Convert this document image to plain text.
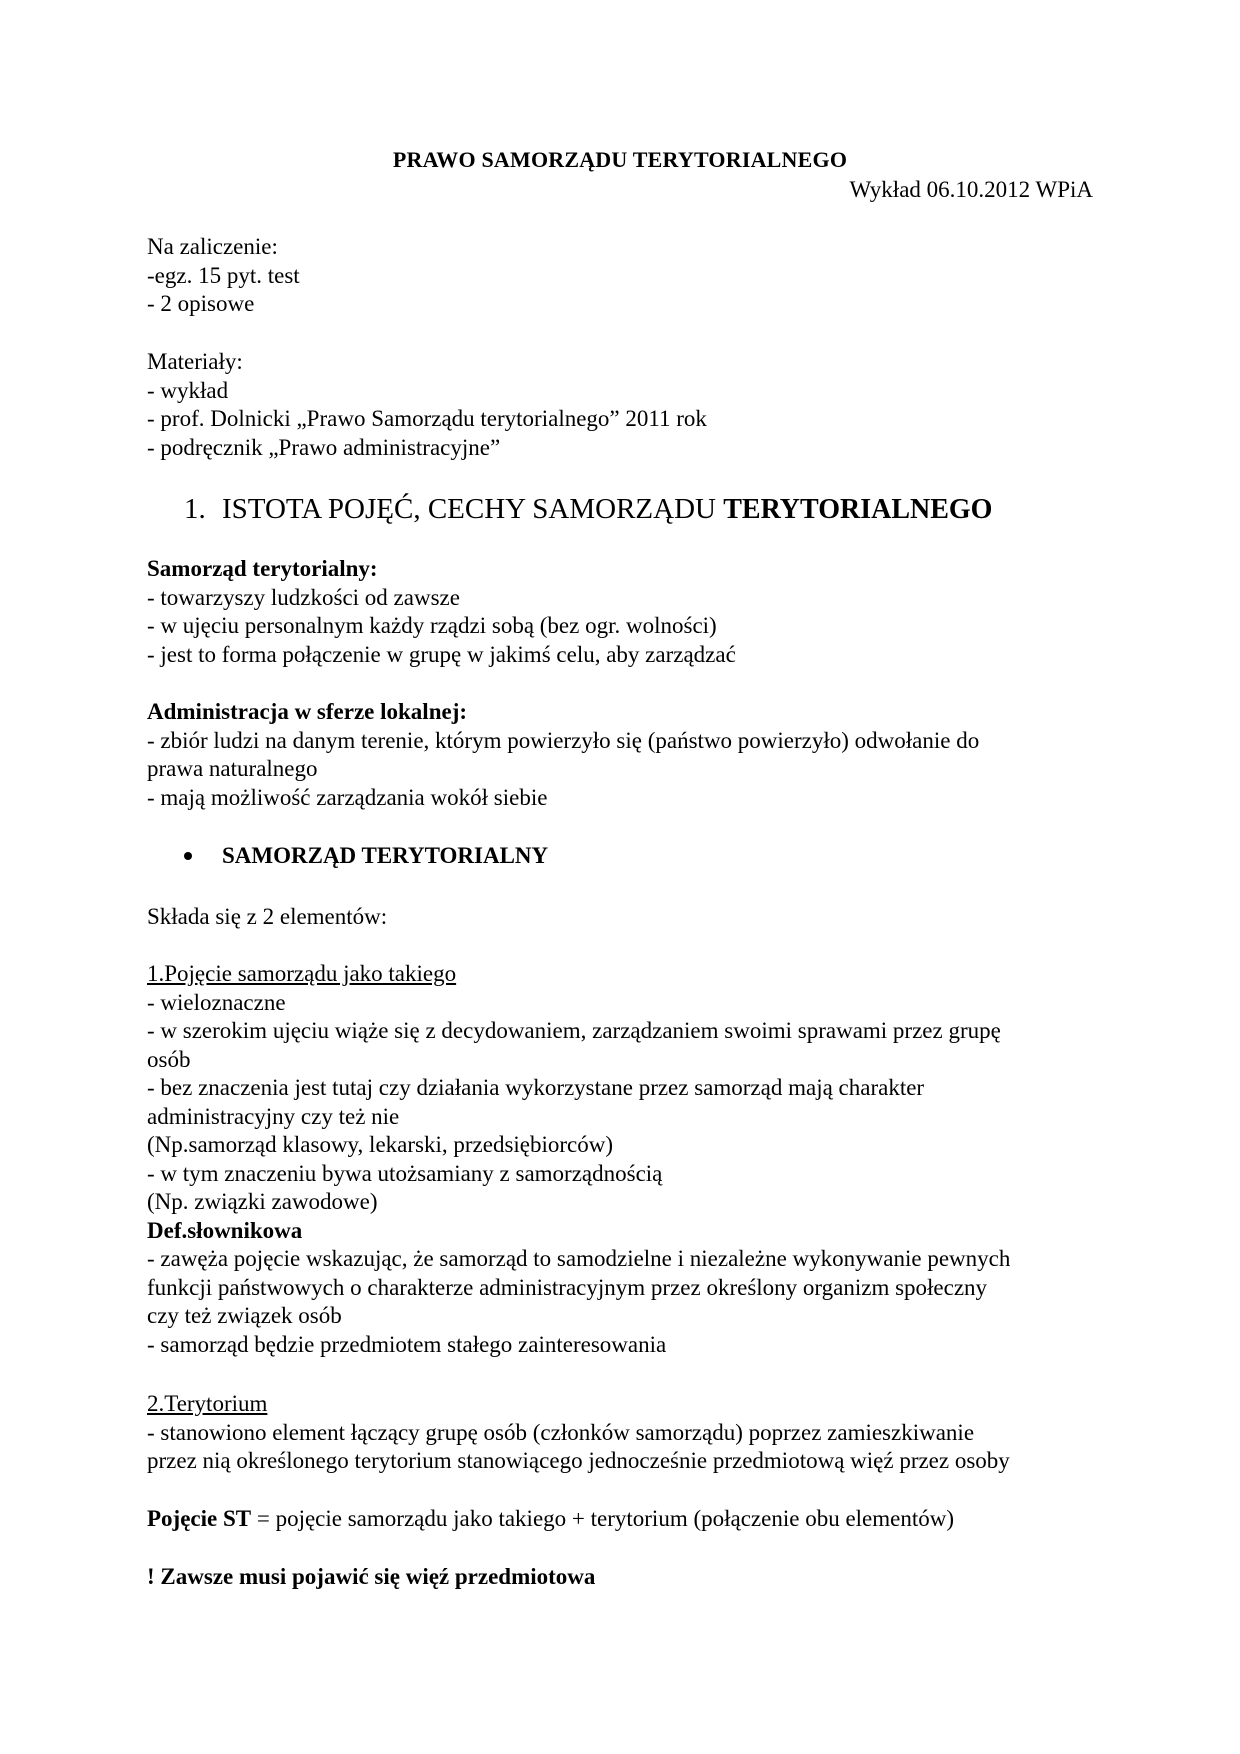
PRAWO SAMORZĄDU TERYTORIALNEGO
Wykład 06.10.2012 WPiA
Na zaliczenie:
-egz. 15 pyt. test
- 2 opisowe
Materiały:
- wykład
- prof. Dolnicki „Prawo Samorządu terytorialnego” 2011 rok
- podręcznik „Prawo administracyjne”
1. ISTOTA POJĘĆ, CECHY SAMORZĄDU TERYTORIALNEGO
Samorząd terytorialny:
- towarzyszy ludzkości od zawsze
- w ujęciu personalnym każdy rządzi sobą (bez ogr. wolności)
- jest to forma połączenie w grupę w jakimś celu, aby zarządzać
Administracja w sferze lokalnej:
- zbiór ludzi na danym terenie, którym powierzyło się (państwo powierzyło) odwołanie do
prawa naturalnego
- mają możliwość zarządzania wokół siebie
SAMORZĄD TERYTORIALNY
Składa się z 2 elementów:
1.Pojęcie samorządu jako takiego
- wieloznaczne
- w szerokim ujęciu wiąże się z decydowaniem, zarządzaniem swoimi sprawami przez grupę
osób
- bez znaczenia jest tutaj czy działania wykorzystane przez samorząd mają charakter
administracyjny czy też nie
(Np.samorząd klasowy, lekarski, przedsiębiorców)
- w tym znaczeniu bywa utożsamiany z samorządnością
(Np. związki zawodowe)
Def.słownikowa
- zawęża pojęcie wskazując, że samorząd to samodzielne i niezależne wykonywanie pewnych
funkcji państwowych o charakterze administracyjnym przez określony organizm społeczny
czy też związek osób
- samorząd będzie przedmiotem stałego zainteresowania
2.Terytorium
- stanowiono element łączący grupę osób (członków samorządu) poprzez zamieszkiwanie
przez nią określonego terytorium stanowiącego jednocześnie przedmiotową więź przez osoby
Pojęcie ST = pojęcie samorządu jako takiego + terytorium (połączenie obu elementów)
! Zawsze musi pojawić się więź przedmiotowa
